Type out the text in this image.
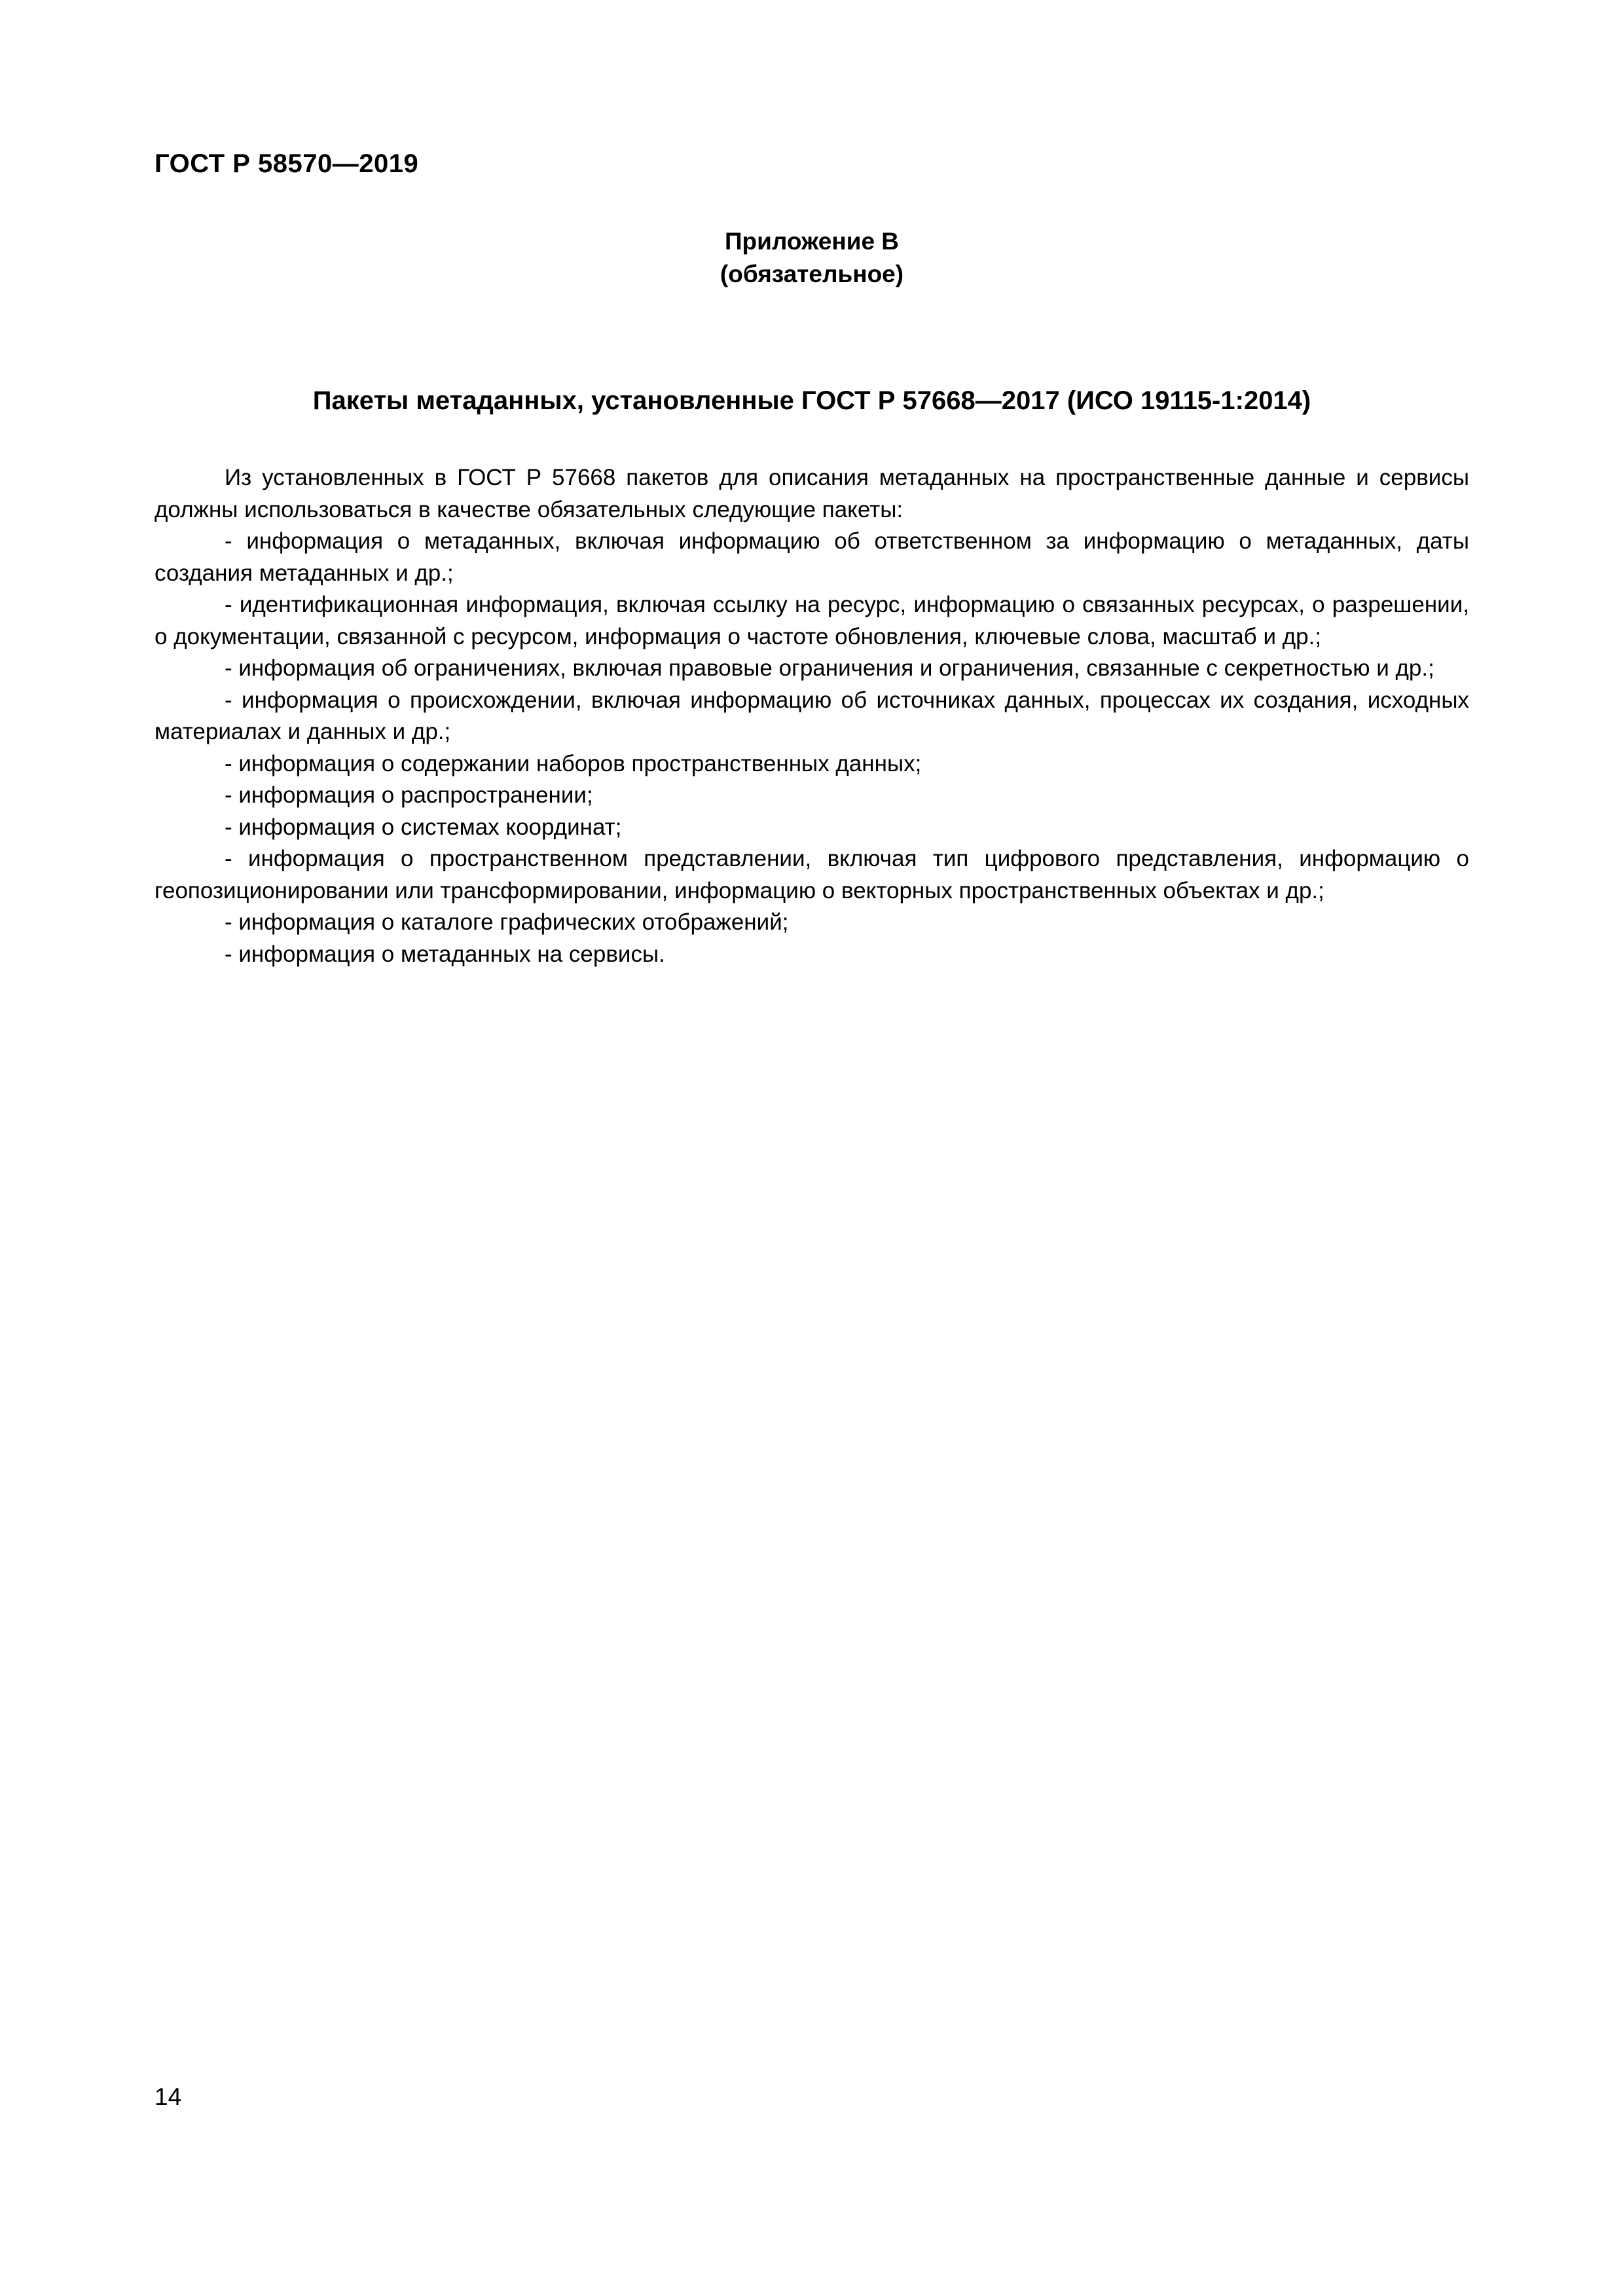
ГОСТ Р 58570—2019
Приложение В
(обязательное)
Пакеты метаданных, установленные ГОСТ Р 57668—2017 (ИСО 19115-1:2014)

Из установленных в ГОСТ Р 57668 пакетов для описания метаданных на пространственные данные и сервисы должны использоваться в качестве обязательных следующие пакеты:

- информация о метаданных, включая информацию об ответственном за информацию о метаданных, даты создания метаданных и др.;

- идентификационная информация, включая ссылку на ресурс, информацию о связанных ресурсах, о разрешении, о документации, связанной с ресурсом, информация о частоте обновления, ключевые слова, масштаб и др.;

- информация об ограничениях, включая правовые ограничения и ограничения, связанные с секретностью и др.;

- информация о происхождении, включая информацию об источниках данных, процессах их создания, исходных материалах и данных и др.;

- информация о содержании наборов пространственных данных;

- информация о распространении;

- информация о системах координат;

- информация о пространственном представлении, включая тип цифрового представления, информацию о геопозиционировании или трансформировании, информацию о векторных пространственных объектах и др.;

- информация о каталоге графических отображений;

- информация о метаданных на сервисы.

14
